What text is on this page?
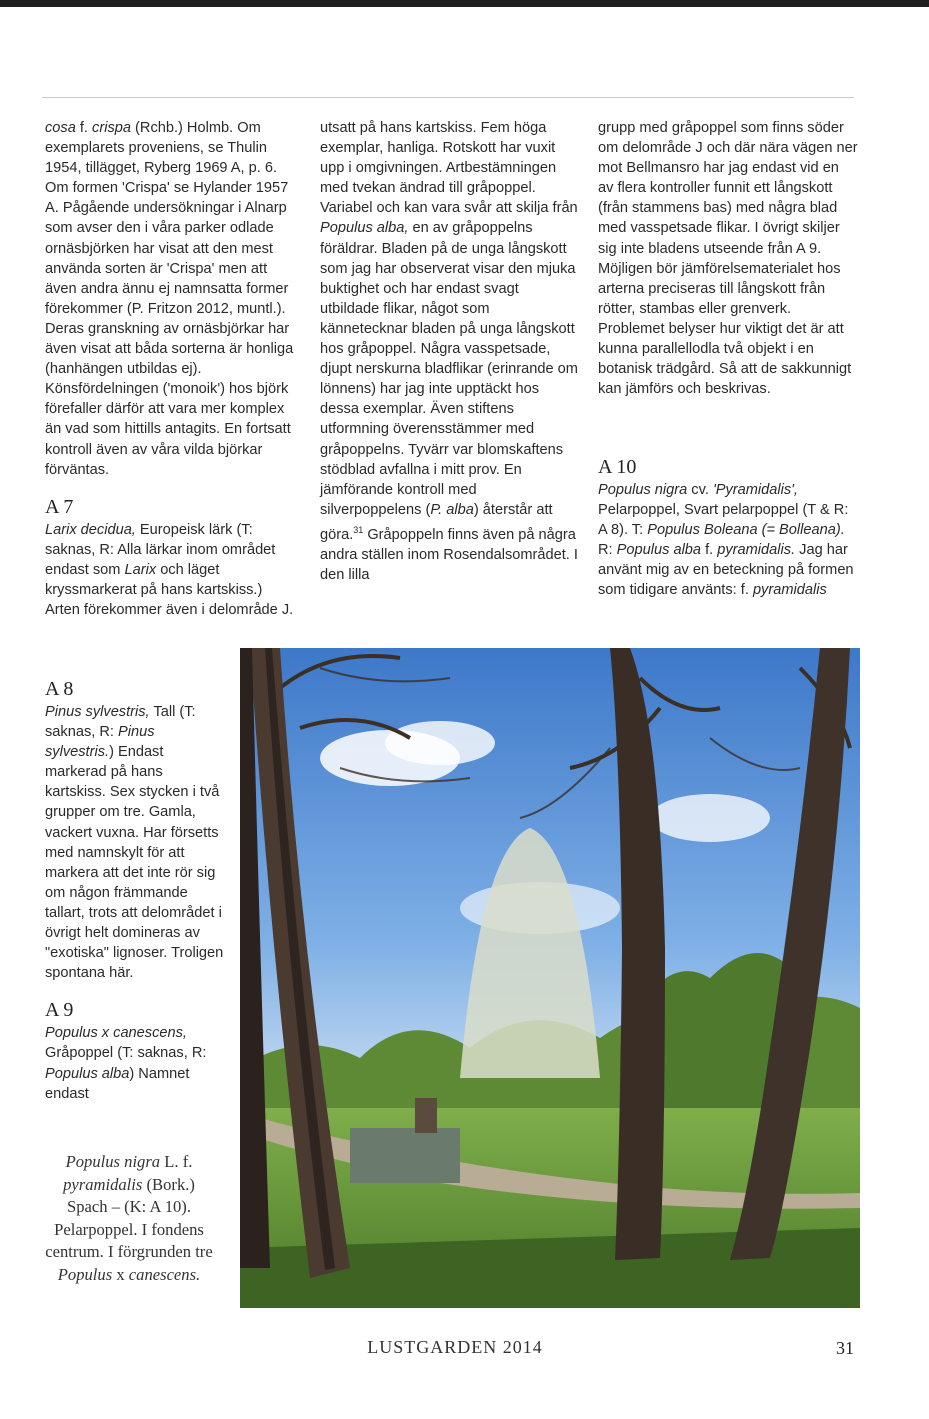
cosa f. crispa (Rchb.) Holmb. Om exemplarets proveniens, se Thulin 1954, tillägget, Ryberg 1969 A, p. 6. Om formen 'Crispa' se Hylander 1957 A. Pågående undersökningar i Alnarp som avser den i våra parker odlade ornäsbjörken har visat att den mest använda sorten är 'Crispa' men att även andra ännu ej namnsatta former förekommer (P. Fritzon 2012, muntl.). Deras granskning av ornäsbjörkar har även visat att båda sorterna är honliga (hanhängen utbildas ej). Könsfördelningen ('monoik') hos björk förefaller därför att vara mer komplex än vad som hittills antagits. En fortsatt kontroll även av våra vilda björkar förväntas.

A 7

Larix decidua, Europeisk lärk (T: saknas, R: Alla lärkar inom området endast som Larix och läget kryssmarkerat på hans kartskiss.) Arten förekommer även i delområde J.

A 8

Pinus sylvestris, Tall (T: saknas, R: Pinus sylvestris.) Endast markerad på hans kartskiss. Sex stycken i två grupper om tre. Gamla, vackert vuxna. Har försetts med namnskylt för att markera att det inte rör sig om någon främmande tallart, trots att delområdet i övrigt helt domineras av "exotiska" lignoser. Troligen spontana här.

A 9

Populus x canescens, Gråpoppel (T: saknas, R: Populus alba) Namnet endast

utsatt på hans kartskiss. Fem höga exemplar, hanliga. Rotskott har vuxit upp i omgivningen. Artbestämningen med tvekan ändrad till gråpoppel. Variabel och kan vara svår att skilja från Populus alba, en av gråpoppelns föräldrar. Bladen på de unga långskott som jag har observerat visar den mjuka buktighet och har endast svagt utbildade flikar, något som kännetecknar bladen på unga långskott hos gråpoppel. Några vasspetsade, djupt nerskurna bladflikar (erinrande om lönnens) har jag inte upptäckt hos dessa exemplar. Även stiftens utformning överensstämmer med gråpoppelns. Tyvärr var blomskaftens stödblad avfallna i mitt prov. En jämförande kontroll med silverpoppelens (P. alba) återstår att göra.$^{31}$ Gråpoppeln finns även på några andra ställen inom Rosendalsområdet. I den lilla

grupp med gråpoppel som finns söder om delområde J och där nära vägen ner mot Bellmansro har jag endast vid en av flera kontroller funnit ett långskott (från stammens bas) med några blad med vasspetsade flikar. I övrigt skiljer sig inte bladens utseende från A 9. Möjligen bör jämförelsematerialet hos arterna preciseras till långskott från rötter, stambas eller grenverk. Problemet belyser hur viktigt det är att kunna parallellodla två objekt i en botanisk trädgård. Så att de sakkunnigt kan jämförs och beskrivas.

A 10

Populus nigra cv. 'Pyramidalis', Pelarpoppel, Svart pelarpoppel (T & R: A 8). T: Populus Boleana (= Bolleana). R: Populus alba f. pyramidalis. Jag har använt mig av en beteckning på formen som tidigare använts: f. pyramidalis

Populus nigra L. f. pyramidalis (Bork.) Spach – (K: A 10). Pelarpoppel. I fondens centrum. I förgrunden tre Populus x canescens.
LUSTGARDEN 2014	31
